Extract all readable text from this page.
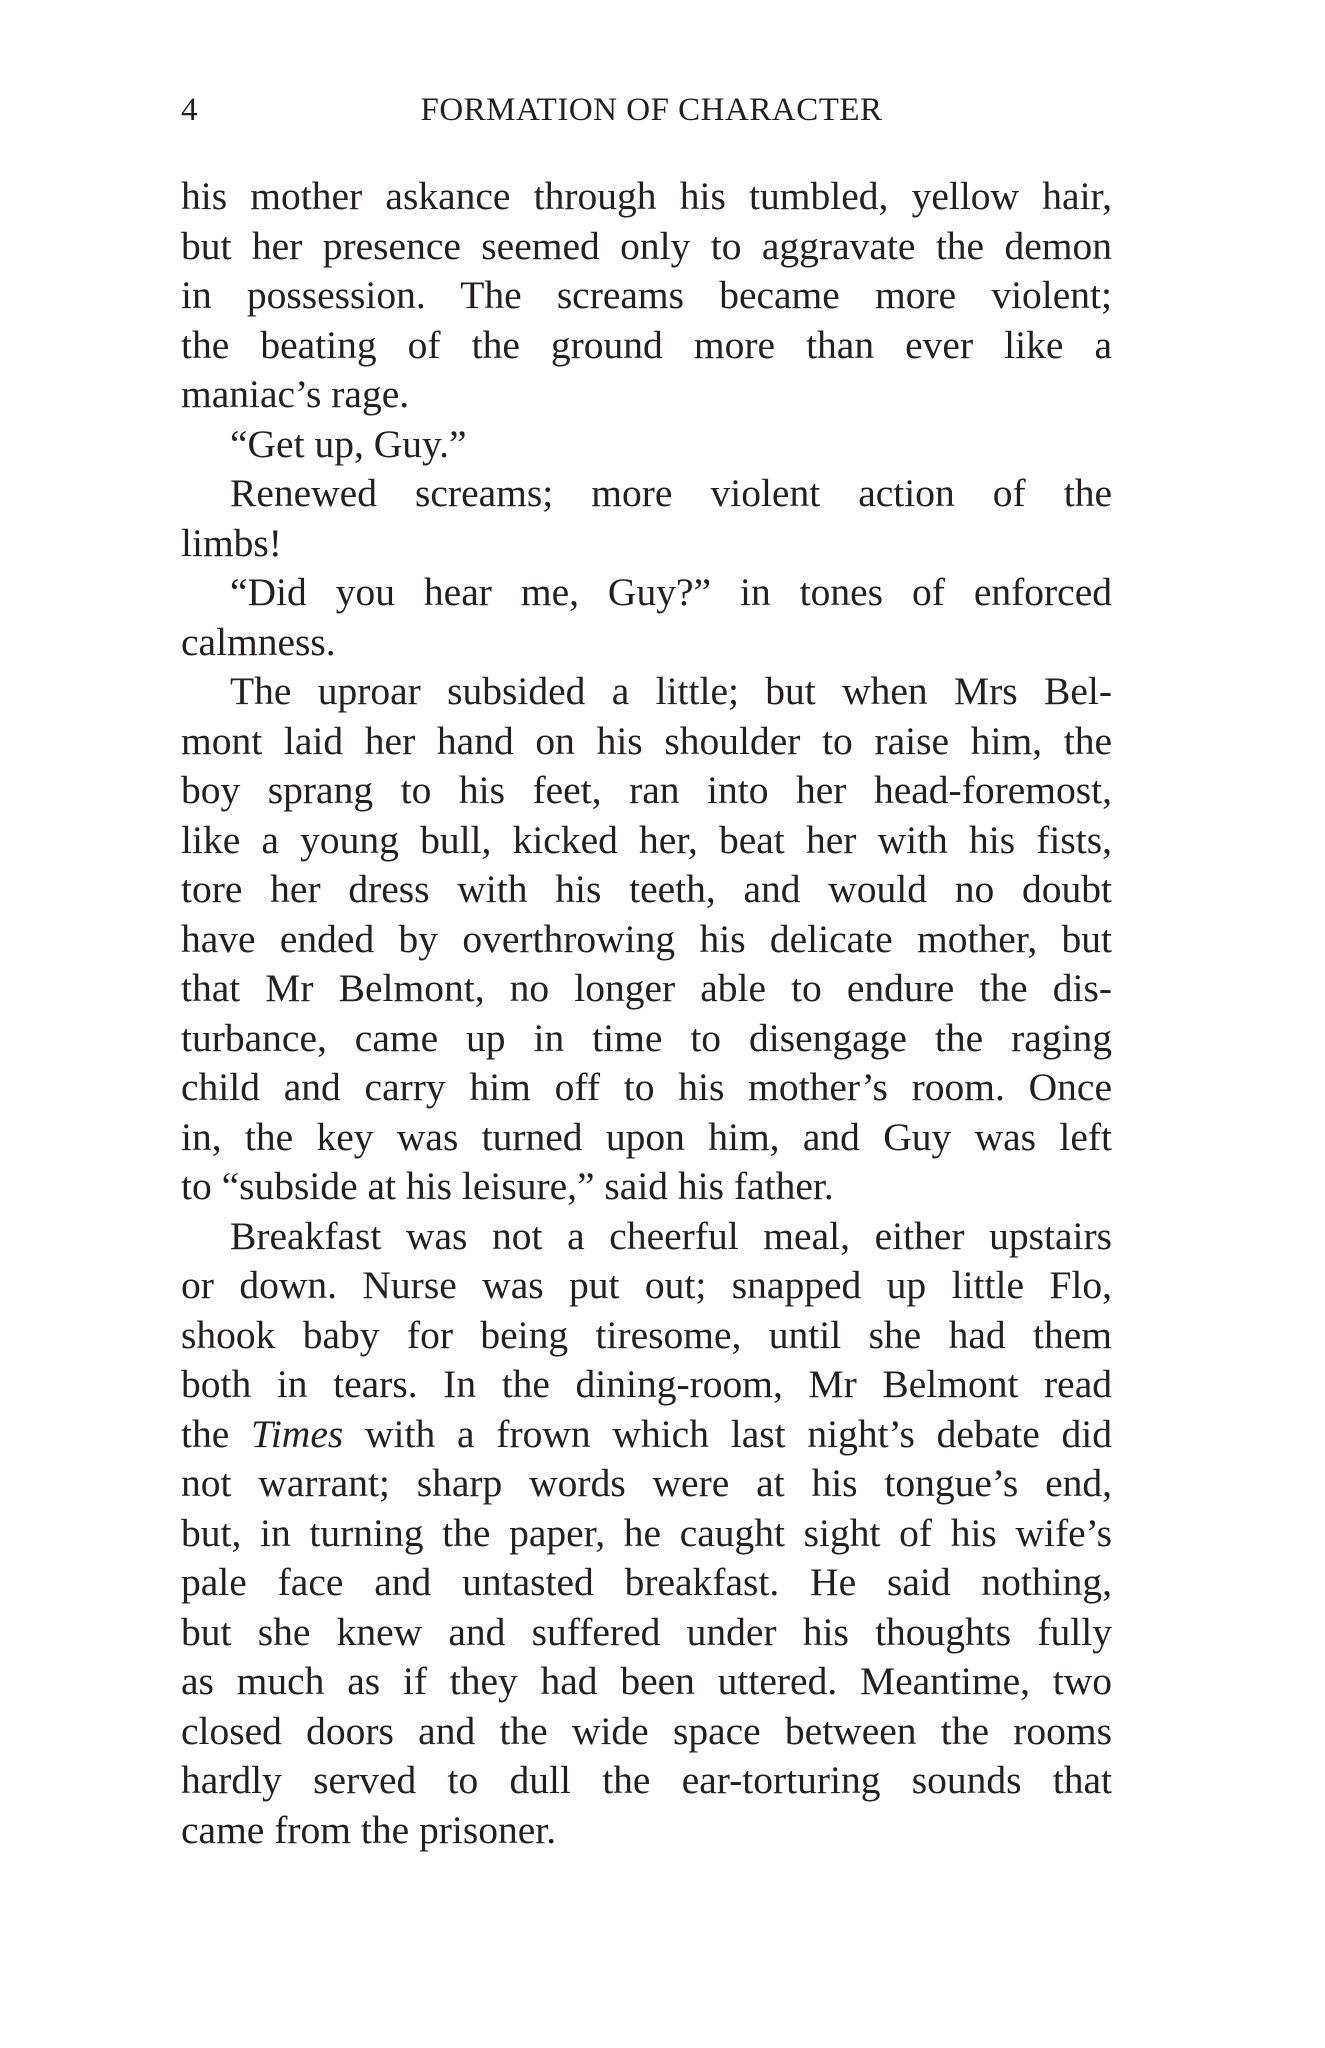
4	FORMATION OF CHARACTER
his mother askance through his tumbled, yellow hair,
but her presence seemed only to aggravate the demon
in possession. The screams became more violent;
the beating of the ground more than ever like a
maniac’s rage.
“Get up, Guy.”
Renewed screams; more violent action of the
limbs!
“Did you hear me, Guy?” in tones of enforced
calmness.
The uproar subsided a little; but when Mrs Bel-
mont laid her hand on his shoulder to raise him, the
boy sprang to his feet, ran into her head-foremost,
like a young bull, kicked her, beat her with his fists,
tore her dress with his teeth, and would no doubt
have ended by overthrowing his delicate mother, but
that Mr Belmont, no longer able to endure the dis-
turbance, came up in time to disengage the raging
child and carry him off to his mother’s room. Once
in, the key was turned upon him, and Guy was left
to “subside at his leisure,” said his father.
Breakfast was not a cheerful meal, either upstairs
or down. Nurse was put out; snapped up little Flo,
shook baby for being tiresome, until she had them
both in tears. In the dining-room, Mr Belmont read
the Times with a frown which last night’s debate did
not warrant; sharp words were at his tongue’s end,
but, in turning the paper, he caught sight of his wife’s
pale face and untasted breakfast. He said nothing,
but she knew and suffered under his thoughts fully
as much as if they had been uttered. Meantime, two
closed doors and the wide space between the rooms
hardly served to dull the ear-torturing sounds that
came from the prisoner.
